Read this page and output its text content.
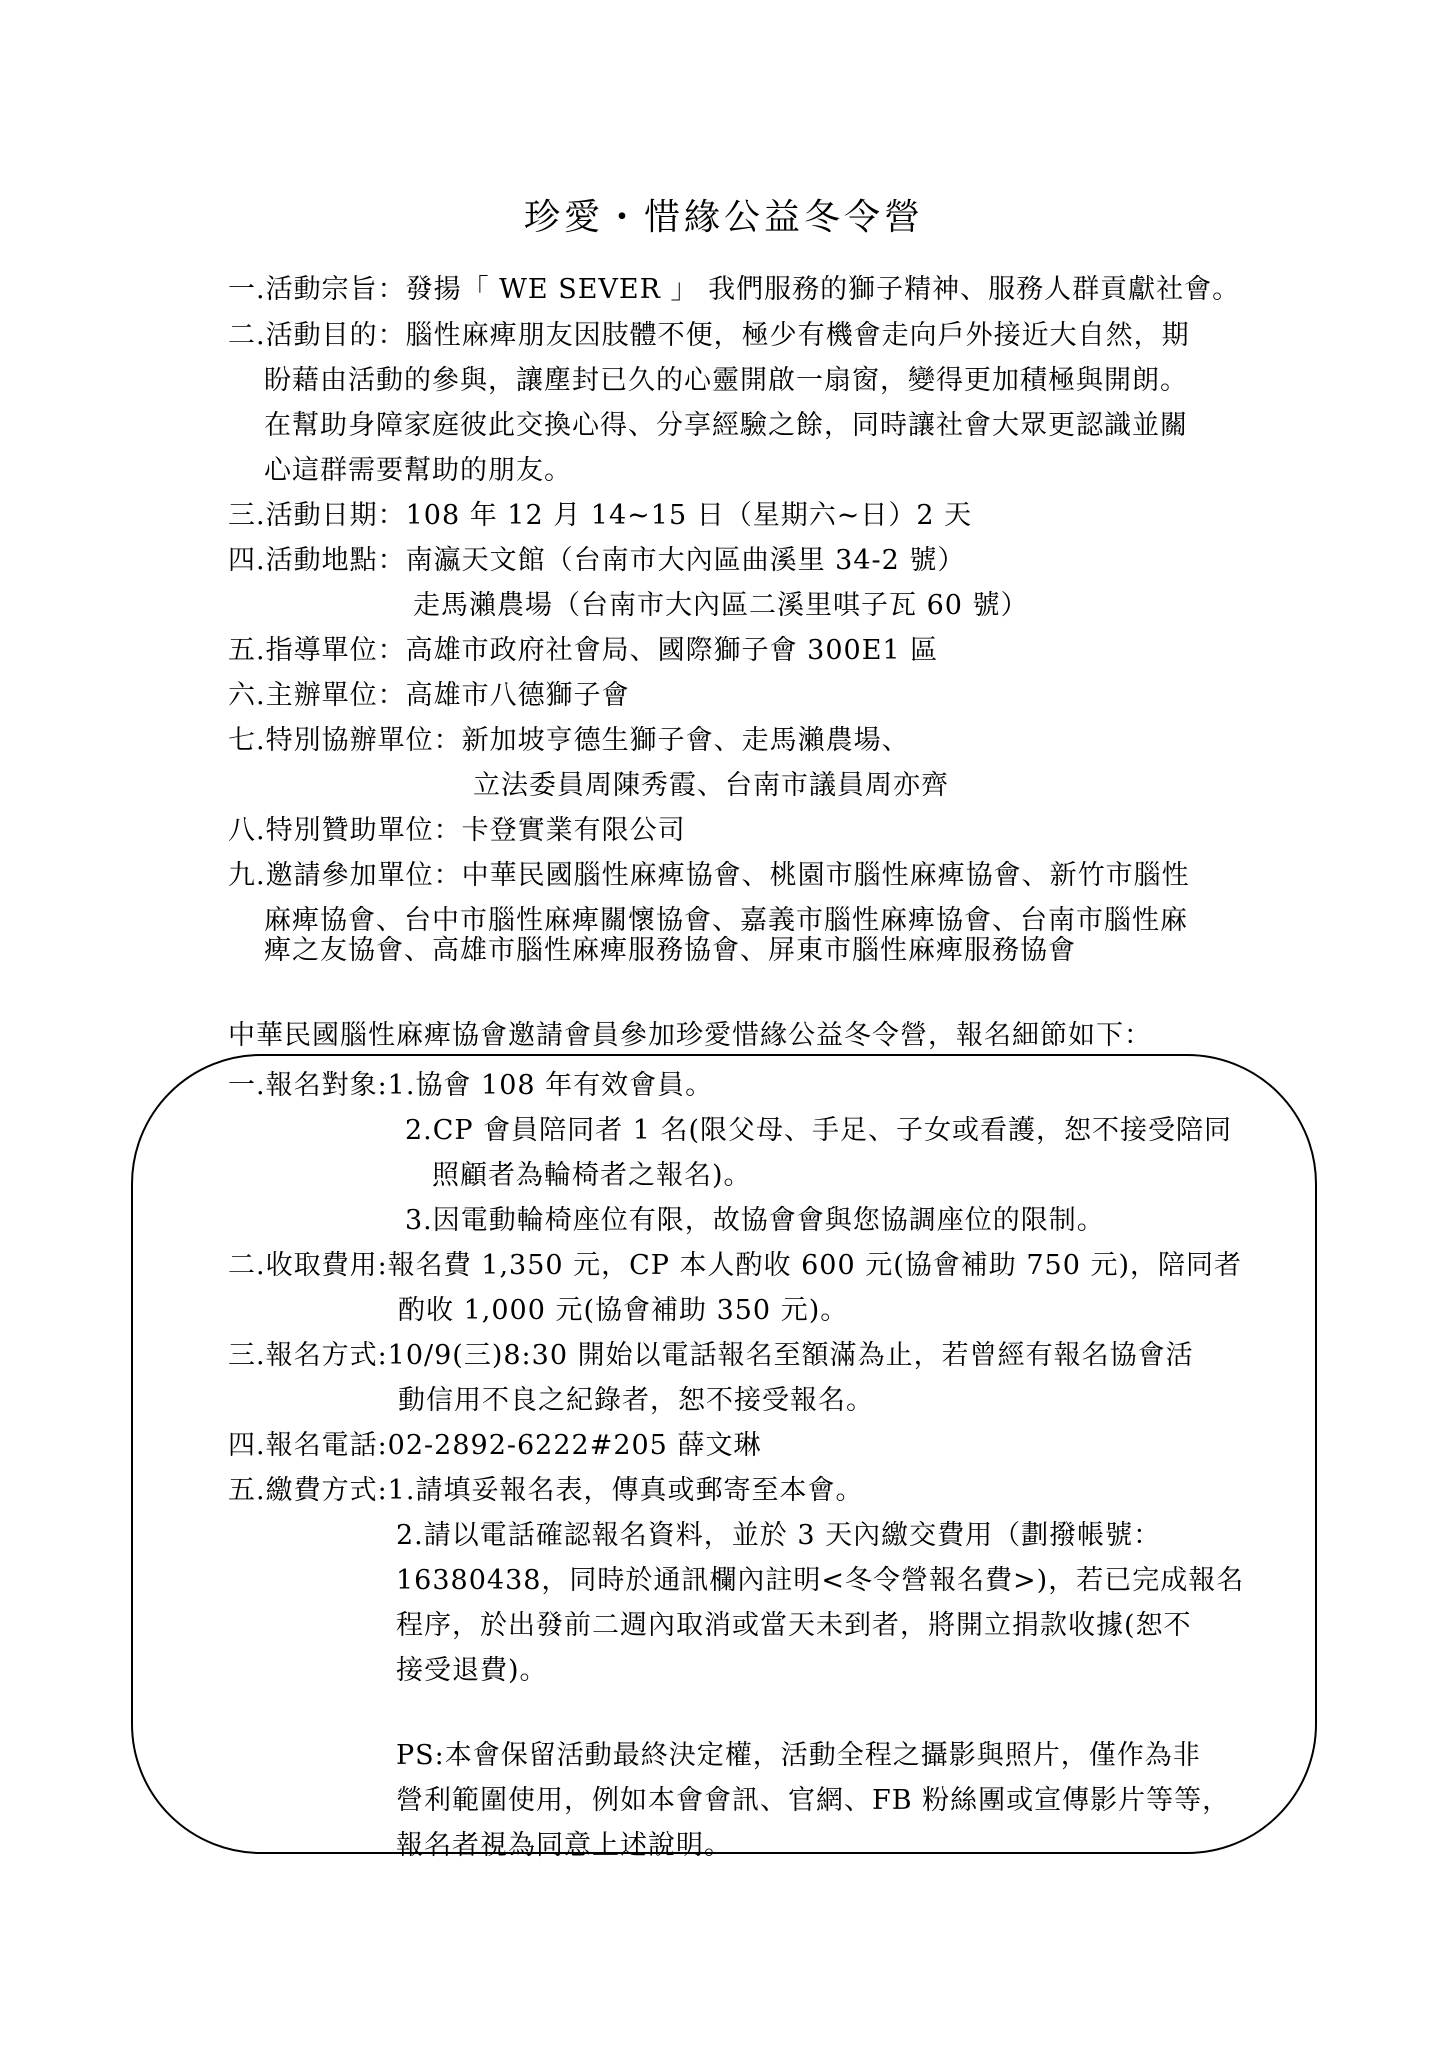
珍愛・惜緣公益冬令營
一.活動宗旨：發揚「 WE SEVER 」 我們服務的獅子精神、服務人群貢獻社會。
二.活動目的：腦性麻痺朋友因肢體不便，極少有機會走向戶外接近大自然，期
盼藉由活動的參與，讓塵封已久的心靈開啟一扇窗，變得更加積極與開朗。
在幫助身障家庭彼此交換心得、分享經驗之餘，同時讓社會大眾更認識並關
心這群需要幫助的朋友。
三.活動日期：108 年 12 月 14~15 日（星期六~日）2 天
四.活動地點：南瀛天文館（台南市大內區曲溪里 34-2 號）
走馬瀨農場（台南市大內區二溪里唭子瓦 60 號）
五.指導單位：高雄市政府社會局、國際獅子會 300E1 區
六.主辦單位：高雄市八德獅子會
七.特別協辦單位：新加坡亨德生獅子會、走馬瀨農場、
立法委員周陳秀霞、台南市議員周亦齊
八.特別贊助單位：卡登實業有限公司
九.邀請參加單位：中華民國腦性麻痺協會、桃園市腦性麻痺協會、新竹市腦性
麻痺協會、台中市腦性麻痺關懷協會、嘉義市腦性麻痺協會、台南市腦性麻
痺之友協會、高雄市腦性麻痺服務協會、屏東市腦性麻痺服務協會
中華民國腦性麻痺協會邀請會員參加珍愛惜緣公益冬令營，報名細節如下：
一.報名對象:1.協會 108 年有效會員。
2.CP 會員陪同者 1 名(限父母、手足、子女或看護，恕不接受陪同
照顧者為輪椅者之報名)。
3.因電動輪椅座位有限，故協會會與您協調座位的限制。
二.收取費用:報名費 1,350 元，CP 本人酌收 600 元(協會補助 750 元)，陪同者
酌收 1,000 元(協會補助 350 元)。
三.報名方式:10/9(三)8:30 開始以電話報名至額滿為止，若曾經有報名協會活
動信用不良之紀錄者，恕不接受報名。
四.報名電話:02-2892-6222#205 薛文琳
五.繳費方式:1.請填妥報名表，傳真或郵寄至本會。
2.請以電話確認報名資料，並於 3 天內繳交費用（劃撥帳號：
16380438，同時於通訊欄內註明<冬令營報名費>)，若已完成報名
程序，於出發前二週內取消或當天未到者，將開立捐款收據(恕不
接受退費)。
PS:本會保留活動最終決定權，活動全程之攝影與照片，僅作為非
營利範圍使用，例如本會會訊、官網、FB 粉絲團或宣傳影片等等，
報名者視為同意上述說明。
